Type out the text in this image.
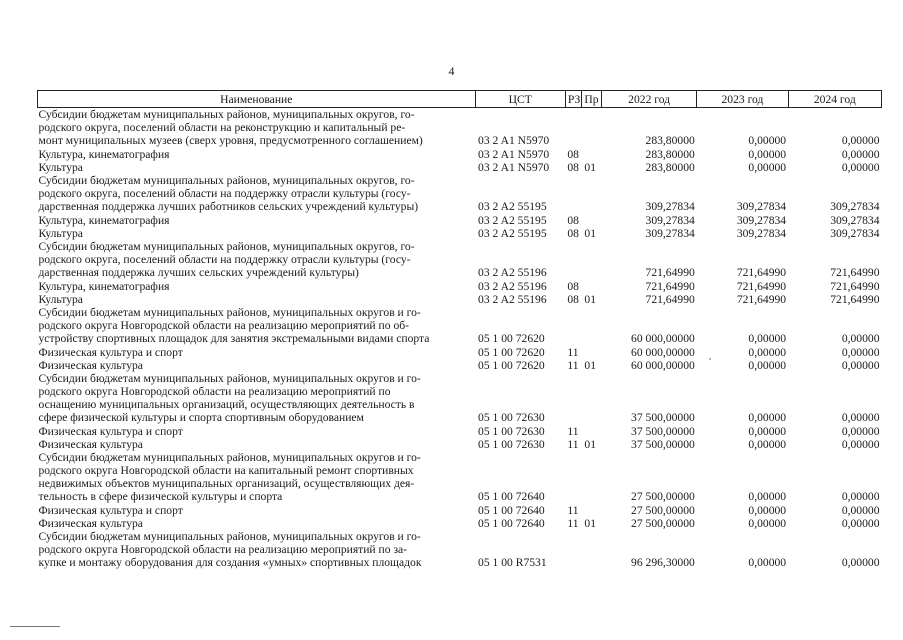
4
Наименование	ЦСТ	РЗ	Пр	2022 год	2023 год	2024 год

Субсидии бюджетам муниципальных районов, муниципальных округов, го-
родского округа, поселений области на реконструкцию и капитальный ре-
монт муниципальных музеев (сверх уровня, предусмотренного соглашением)	03 2 A1 N5970			283,80000	0,00000	0,00000

Культура, кинематография	03 2 A1 N5970	08		283,80000	0,00000	0,00000

Культура	03 2 A1 N5970	08	01	283,80000	0,00000	0,00000

Субсидии бюджетам муниципальных районов, муниципальных округов, го-
родского округа, поселений области на поддержку отрасли культуры (госу-
дарственная поддержка лучших работников сельских учреждений культуры)	03 2 A2 55195			309,27834	309,27834	309,27834

Культура, кинематография	03 2 A2 55195	08		309,27834	309,27834	309,27834

Культура	03 2 A2 55195	08	01	309,27834	309,27834	309,27834

Субсидии бюджетам муниципальных районов, муниципальных округов, го-
родского округа, поселений области на поддержку отрасли культуры (госу-
дарственная поддержка лучших сельских учреждений культуры)	03 2 A2 55196			721,64990	721,64990	721,64990

Культура, кинематография	03 2 A2 55196	08		721,64990	721,64990	721,64990

Культура	03 2 A2 55196	08	01	721,64990	721,64990	721,64990

Субсидии бюджетам муниципальных районов, муниципальных округов и го-
родского округа Новгородской области на реализацию мероприятий по об-
устройству спортивных площадок для занятия экстремальными видами спорта	05 1 00 72620			60 000,00000	0,00000	0,00000

Физическая культура и спорт	05 1 00 72620	11		60 000,00000	0,00000	0,00000

Физическая культура	05 1 00 72620	11	01	60 000,00000	0,00000	0,00000

Субсидии бюджетам муниципальных районов, муниципальных округов и го-
родского округа Новгородской области на реализацию мероприятий по
оснащению муниципальных организаций, осуществляющих деятельность в
сфере физической культуры и спорта спортивным оборудованием	05 1 00 72630			37 500,00000	0,00000	0,00000

Физическая культура и спорт	05 1 00 72630	11		37 500,00000	0,00000	0,00000

Физическая культура	05 1 00 72630	11	01	37 500,00000	0,00000	0,00000

Субсидии бюджетам муниципальных районов, муниципальных округов и го-
родского округа Новгородской области на капитальный ремонт спортивных
недвижимых объектов муниципальных организаций, осуществляющих дея-
тельность в сфере физической культуры и спорта	05 1 00 72640			27 500,00000	0,00000	0,00000

Физическая культура и спорт	05 1 00 72640	11		27 500,00000	0,00000	0,00000

Физическая культура	05 1 00 72640	11	01	27 500,00000	0,00000	0,00000

Субсидии бюджетам муниципальных районов, муниципальных округов и го-
родского округа Новгородской области на реализацию мероприятий по за-
купке и монтажу оборудования для создания «умных» спортивных площадок	05 1 00 R7531			96 296,30000	0,00000	0,00000
